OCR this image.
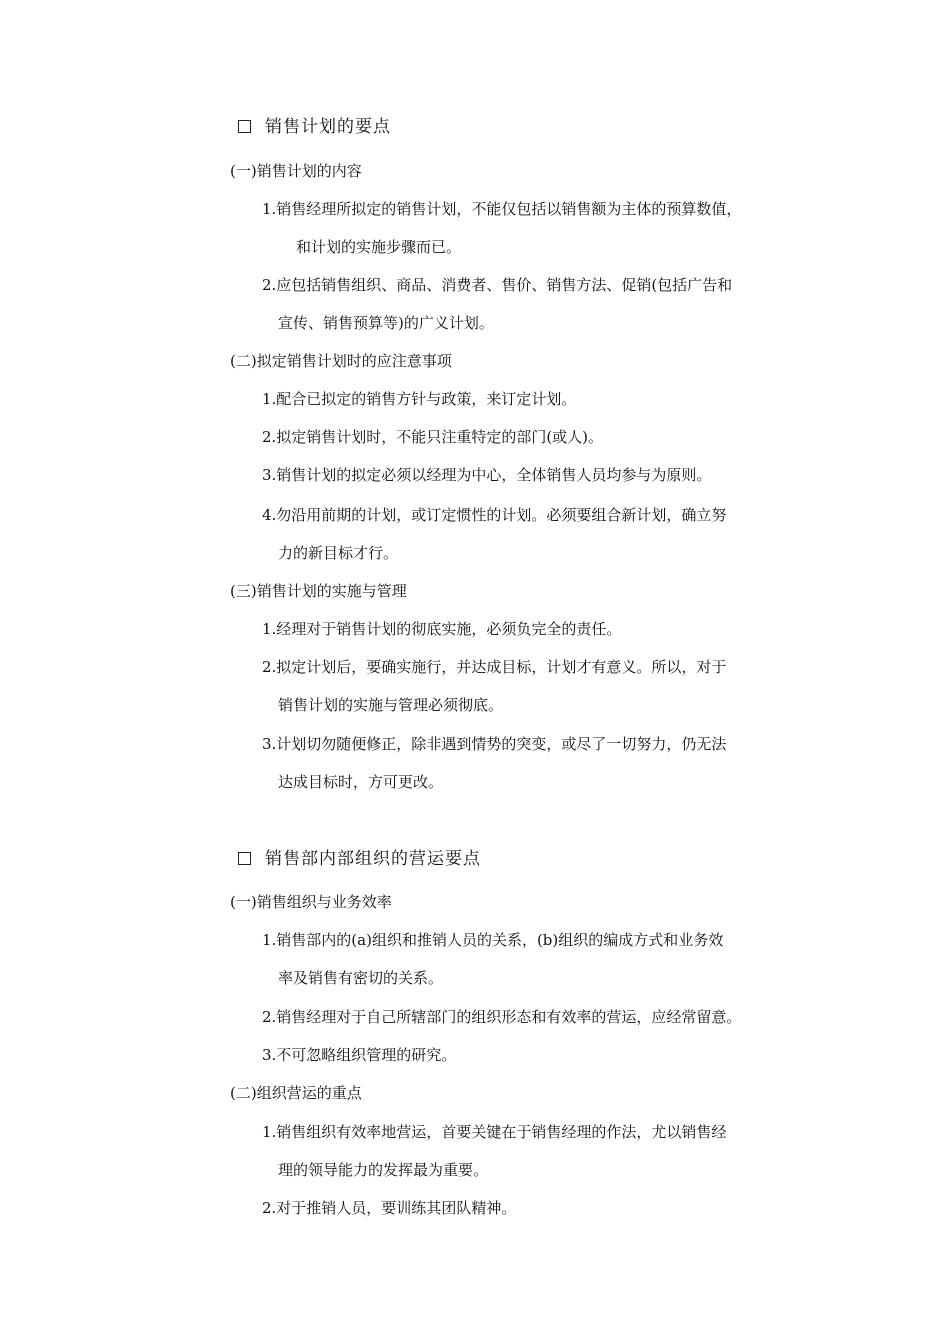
销售计划的要点
(一)销售计划的内容
1.销售经理所拟定的销售计划，不能仅包括以销售额为主体的预算数值，
和计划的实施步骤而已。
2.应包括销售组织、商品、消费者、售价、销售方法、促销(包括广告和
宣传、销售预算等)的广义计划。
(二)拟定销售计划时的应注意事项
1.配合已拟定的销售方针与政策，来订定计划。
2.拟定销售计划时，不能只注重特定的部门(或人)。
3.销售计划的拟定必须以经理为中心，全体销售人员均参与为原则。
4.勿沿用前期的计划，或订定惯性的计划。必须要组合新计划，确立努
力的新目标才行。
(三)销售计划的实施与管理
1.经理对于销售计划的彻底实施，必须负完全的责任。
2.拟定计划后，要确实施行，并达成目标，计划才有意义。所以，对于
销售计划的实施与管理必须彻底。
3.计划切勿随便修正，除非遇到情势的突变，或尽了一切努力，仍无法
达成目标时，方可更改。
销售部内部组织的营运要点
(一)销售组织与业务效率
1.销售部内的(a)组织和推销人员的关系，(b)组织的编成方式和业务效
率及销售有密切的关系。
2.销售经理对于自己所辖部门的组织形态和有效率的营运，应经常留意。
3.不可忽略组织管理的研究。
(二)组织营运的重点
1.销售组织有效率地营运，首要关键在于销售经理的作法，尤以销售经
理的领导能力的发挥最为重要。
2.对于推销人员，要训练其团队精神。
